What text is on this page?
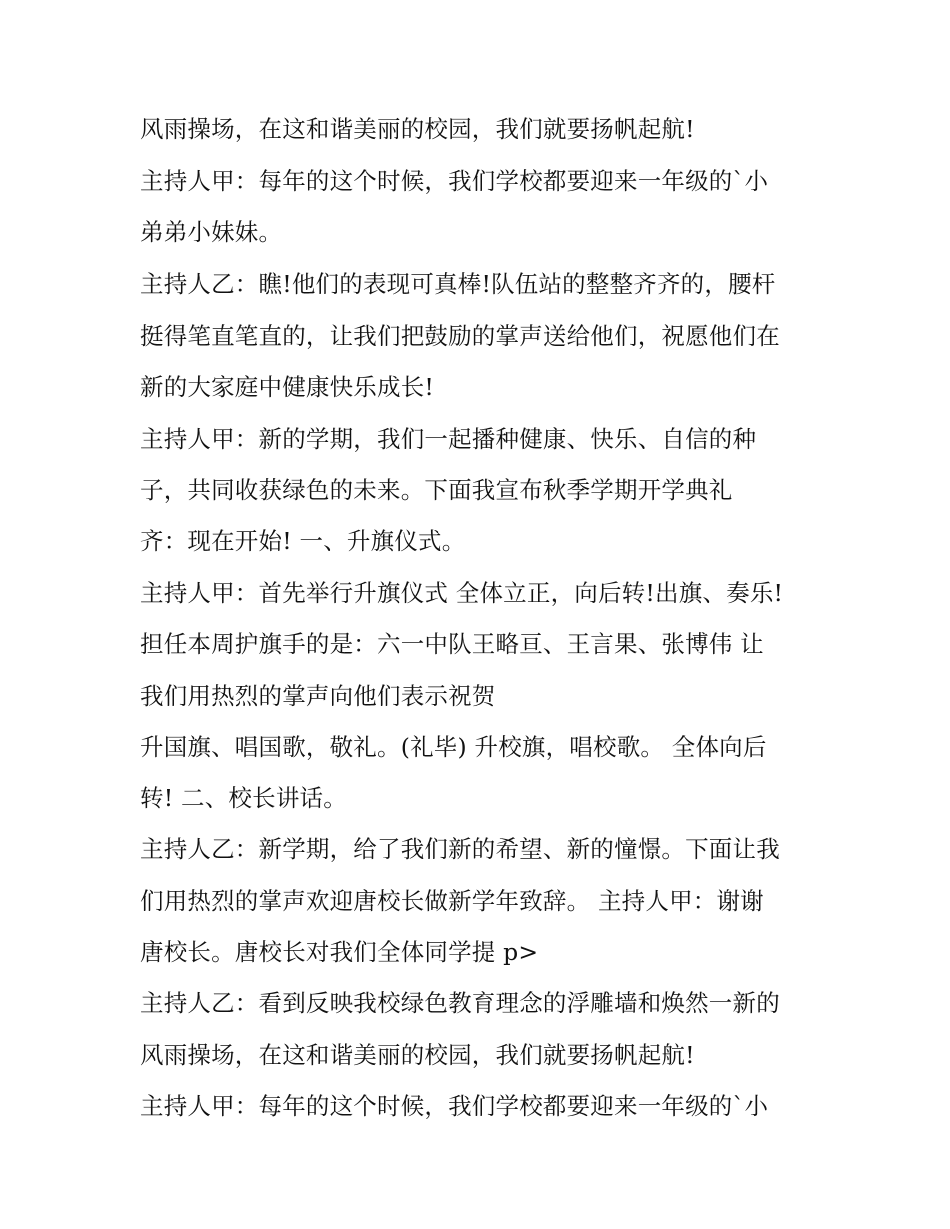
风雨操场，在这和谐美丽的校园，我们就要扬帆起航!
主持人甲：每年的这个时候，我们学校都要迎来一年级的`小
弟弟小妹妹。
主持人乙：瞧!他们的表现可真棒!队伍站的整整齐齐的，腰杆
挺得笔直笔直的，让我们把鼓励的掌声送给他们，祝愿他们在
新的大家庭中健康快乐成长!
主持人甲：新的学期，我们一起播种健康、快乐、自信的种
子，共同收获绿色的未来。下面我宣布秋季学期开学典礼
齐：现在开始! 一、升旗仪式。
主持人甲：首先举行升旗仪式 全体立正，向后转!出旗、奏乐!
担任本周护旗手的是：六一中队王略亘、王言果、张博伟 让
我们用热烈的掌声向他们表示祝贺
升国旗、唱国歌，敬礼。(礼毕) 升校旗，唱校歌。 全体向后
转! 二、校长讲话。
主持人乙：新学期，给了我们新的希望、新的憧憬。下面让我
们用热烈的掌声欢迎唐校长做新学年致辞。 主持人甲：谢谢
唐校长。唐校长对我们全体同学提 p>
主持人乙：看到反映我校绿色教育理念的浮雕墙和焕然一新的
风雨操场，在这和谐美丽的校园，我们就要扬帆起航!
主持人甲：每年的这个时候，我们学校都要迎来一年级的`小
